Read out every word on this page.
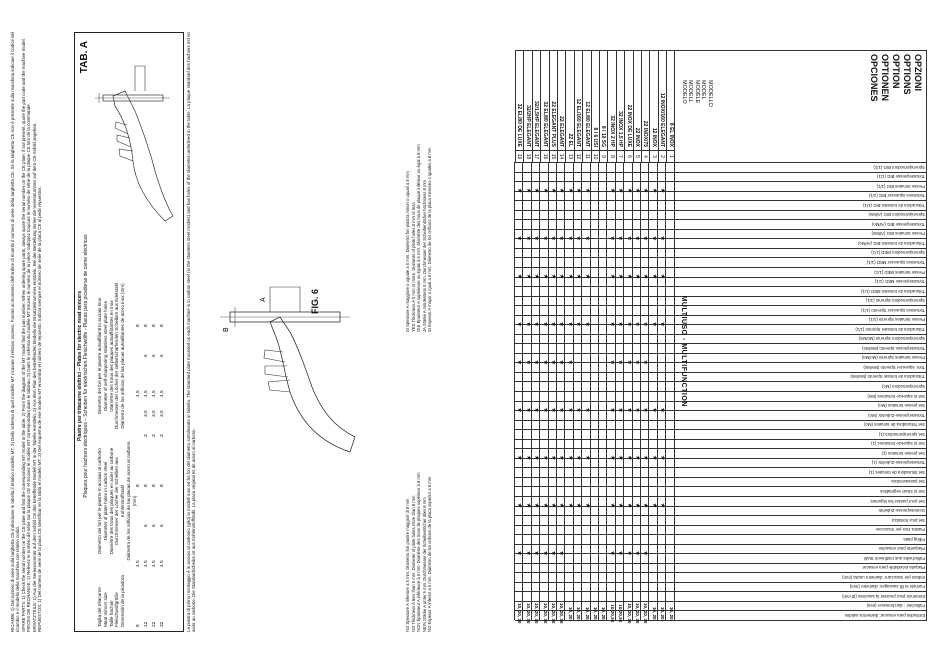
RICAMBI: 1) Dal numero di serie sulla targhetta CE individuare in tabella il relativo modello MT. 2) Dallo schema di quel modello MT ricavare il relativo numero. Fornire al momento dell'ordine di ricambi il numero di serie della targhetta CE. Se la targhetta CE non è presente sulla macchina indicare il codice del ricambio e il modello della macchina con relativi codici. SPARE PARTS: 1) Check the serial number on the CE plate and find the corresponding MT model in the table. 2) From the diagram of the MT model find the part number. When ordering spare parts, always quote the serial number on the CE plate; if not present, quote the part code and the machine model. PIECES DE RECHANGE: 1) Relevez le numéro de série sur la plaque CE et trouvez le modèle MT correspondant dans le tableau. 2) Dans le schéma du modèle MT trouvez le numéro de la pièce. Indiquez toujours le numéro de série de la plaque CE lors de la commande. ERSATZTEILE: 1) Aus der Seriennummer auf dem Schild CE das betreffende Modell MT in der Tabelle ermitteln. 2) Aus dem Plan des betreffenden Modells die Ersatzteilnummer ermitteln. Bei der Bestellung immer die Seriennummer auf dem CE-Schild angeben. REPUESTOS: 1) Del número de serie de la placa CE identificar en la tabla el modelo MT. 2) Del esquema de ese modelo MT encontrar el número de repuesto. Indicar siempre el número de serie de la placa CE al pedir repuestos.	Piastre per tritacarne elettrici – Plates for electric meat mincers Plaques pour hachoirs électriques – Scheiben für elektrischen Fleischwölfe - Placas para picadoras de carne eléctricas
TAB. A
Taglia del tritacarne Meat mincer size Taille hachoir Fleischwolfgröße Dimensión de la picadora
Diametro dei fori per le piastre in acciaio al carbonio Diameter of plate holes in carbon steel Diamètre des trous des plaques en acier au carbone Durchmesser der Löcher der Scheiben aus Kohlenstoffstahl Diámetro de los orificios de las placas de acero al carbono (mm)
Diametro dei fori per le piastre autoaffilanti in acciaio inox Diameter of self-sharpening stainless steel plate holes Diamètre des trous des plaques autoaffûtantes en inox Durchmesser der Löcher der selbstschärfenden Scheiben aus Edelstahl Diámetro de los orificios de las placas autoafilantes de acero inox (mm)
8
4,5
8
4,5
8
12
4,5
6
8
3
3,5
4,5
6
8
22
4,5
6
8
3
3,5
4,5
6
8
32
4,5
6
8
3
3,5
4,5
6
8	La piastra di primo montaggio è in acciaio al carbonio (giro) in modelli inox ed ha fori del diametro sottolineato in tabella. The standard plate mounted on each machine is in carbon steel (in the stainless steel models) and has holes of the diameter underlined in the table. La plaque standard des hachoirs est en acier au carbone. Die Standardscheibe ist aus Kohlenstoffstahl. La placa original es de acero al carbono.
A
B
FIG. 6
NO Spessore A inferiore a 5 mm. Diametro fori piastre maggiori di 8 mm NO Thickness A less than 5 mm. Diameter of plate holes more than 8 mm NON Épaisseur A inférieure à 5 mm. Diamètre des trous de plaques supérieur à 8 mm NEIN Stärke A unter 5 mm. Durchmesser der Scheibenlöcher über 8 mm NO Espesor A inferior a 5 mm. Diámetro de los orificios de la placa superior a 8 mm
SI Spessore A maggiore o uguale a 5 mm. Diametro fori piastra minori o uguali a 8 mm YES Thickness A 5 mm or more. Diameter of plate holes 8 mm or less OUI Épaisseur A supérieure ou égale à 5 mm. Diamètre des trous de plaque inférieur ou égal à 8 mm JA Stärke A mindestens 5 mm. Durchmesser der Scheibenlöcher höchstens 8 mm SI Espesor A mayor o igual a 5 mm. Diámetro de los orificios de la placa menores o iguales a 8 mm
OPZIONI
OPTIONS
OPTION
OPTIONEN
OPCIONES
MODELLO
MODEL
MODÈLE
MODELL
MODELO
Spremipomodoro BIG (1/1)
Tomatenpresse BIG (1/1)
Presse tomates BIG (1/1)
Tomatoes squeezer BIG (1/1)
Trituradora de tomates BIG (1/1)
Spremipomodoro BIG (Al/Mo)
Tomatenpresse BIG (Al/Mo)
Presse tomates BIG (Al/Mo)
Trituradora de tomates BIG (Al/Mo)
Spremipomodoro MED (1/1)
Tomatoes squeezer MED (1/1)
Presse tomates MED (1/1)
Tomatenpresse MED (1/1)
Trituradora de tomates MED (1/1)
Spremipomodoro Sprento (1/1)
Tomatoes squeezer Sprento (1/1)
Presse tomates Sprento (1/1)
Trituradora de tomates Sprento (1/1)
Spremipomodoro Sprento (Mo/Mo)
Tomatenpresse Sprento (Mo/Mo)
Presse tomates Sprento (Mo/Mo)
Tom. squeezer Sprento (Mo/Mo)
Trituradora de tomate Sprento (Mo/Mo)
Spremipomodoro (Mo)
Set to squeeze tomatoes (Mo)
Set presse tomates (Mo)
Tomatenpresse-Zubehör (Mo)
Set Trituradora de tomates (Mo)
Set spremipomodoro (1)
Set to squeeze tomatoes (1)
Set presse tomates (1)
Tomatenpresse-Zubehör (1)
Set trituradora de tomates (1)
Set passaverdura
Set to strain vegetables
Set pour passer les légumes
Gemüsepresse-Zubehör
Set pica hortaliza
Piastra inox per insaccare
Filling plate
Plaquette pour ensacher
Füllscheibe aus rostfreiem Stahl
Plaquita inoxidable para ensacar
Imbuto per insaccare: diametro uscita (mm)
Funnels to fill sausages: diameter (mm)
Entonnoir pour pousser la saucisse (Ø mm)
Füllrichter : durchmesser (mm)
Embudos para ensacar: diámetros salidos
8 EL INOX
1
10, 20
12 INOX/160 ELEGANT
2
★
★
★
★
★
★
★
10, 20
12 INOX
3
★
★
★
★
★
★
★
10, 20
22 INOX/75
4
★
★
★
★
★
★
★
★
★
10, 20, 30
22 INOX
5
★
★
★
★
★
★
★
★
★
10, 20, 30
22 INOX DE LUXE
6
★
★
★
★
★
★
★
★
★
10, 20, 30
32 INOX 1,5 HP
7
★
★
★
★
★
★
★
★
★
10,20,30
32 INOX 2 HP
8
★
★
★
★
★
★
★
★
★
10,20,30
8 / 10 SG
9
10, 20
8 / 6 USI
10
10, 20
12 EL/80 ELEGANT
11
★
★
★
★
★
★
★
10, 20
12 EL/160 ELEGANT
12
★
★
★
★
★
★
★
10, 20
22 EL
13
★
★
★
★
★
★
★
★
10, 20
22 ELEGANT
14
★
★
★
★
★
★
★
★
★
10, 20, 30
22 ELEGANT PLUS
15
★
★
★
★
★
★
★
★
★
10, 20, 30
32 EL/80 ELEGANT
16
★
★
★
★
★
★
★
★
★
10, 20, 30
32/1,5HP ELEGANT
17
★
★
★
★
★
★
★
★
★
10, 20, 30
32/2HP ELEGANT
18
★
★
★
★
★
★
★
★
★
10, 20, 30
32 EL/80 DE LUXE
19
★
★
★
★
★
★
★
★
★
10, 20, 30
MULTIUSO - MULTIFUNCTION
